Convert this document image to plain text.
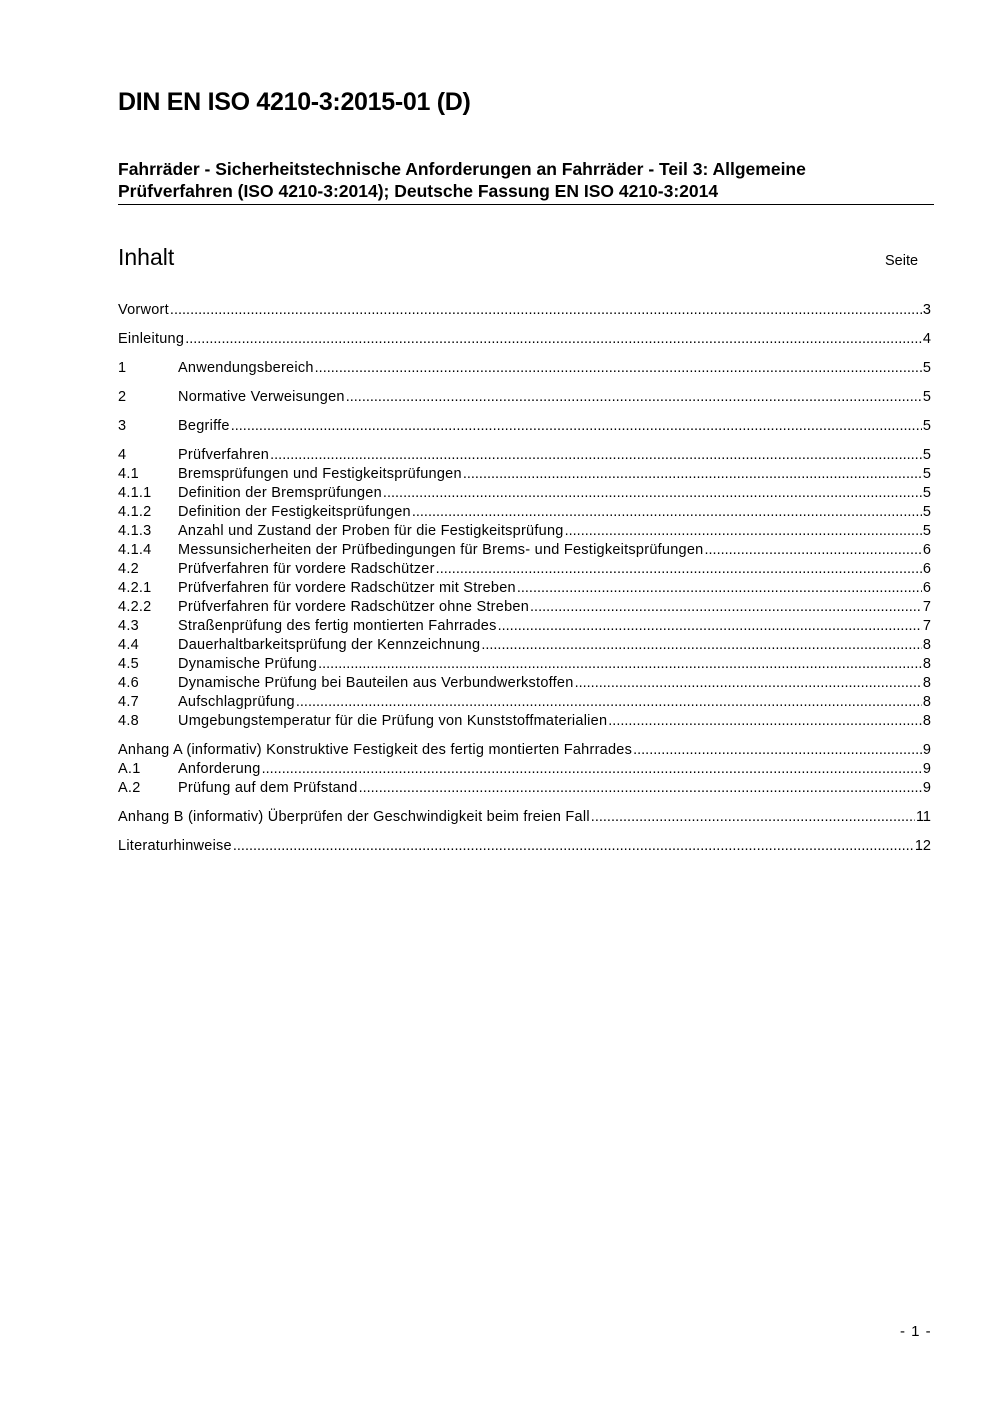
DIN EN ISO 4210-3:2015-01 (D)
Fahrräder - Sicherheitstechnische Anforderungen an Fahrräder - Teil 3: Allgemeine
Prüfverfahren (ISO 4210-3:2014); Deutsche Fassung EN ISO 4210-3:2014
Inhalt	Seite
Vorwort .....	3
Einleitung .....	4
1	Anwendungsbereich .....	5
2	Normative Verweisungen .....	5
3	Begriffe .....	5
4	Prüfverfahren .....	5
4.1	Bremsprüfungen und Festigkeitsprüfungen .....	5
4.1.1	Definition der Bremsprüfungen .....	5
4.1.2	Definition der Festigkeitsprüfungen .....	5
4.1.3	Anzahl und Zustand der Proben für die Festigkeitsprüfung .....	5
4.1.4	Messunsicherheiten der Prüfbedingungen für Brems- und Festigkeitsprüfungen .....	6
4.2	Prüfverfahren für vordere Radschützer .....	6
4.2.1	Prüfverfahren für vordere Radschützer mit Streben .....	6
4.2.2	Prüfverfahren für vordere Radschützer ohne Streben .....	7
4.3	Straßenprüfung des fertig montierten Fahrrades .....	7
4.4	Dauerhaltbarkeitsprüfung der Kennzeichnung .....	8
4.5	Dynamische Prüfung .....	8
4.6	Dynamische Prüfung bei Bauteilen aus Verbundwerkstoffen .....	8
4.7	Aufschlagprüfung .....	8
4.8	Umgebungstemperatur für die Prüfung von Kunststoffmaterialien .....	8
Anhang A (informativ) Konstruktive Festigkeit des fertig montierten Fahrrades .....	9
A.1	Anforderung .....	9
A.2	Prüfung auf dem Prüfstand .....	9
Anhang B (informativ) Überprüfen der Geschwindigkeit beim freien Fall .....	11
Literaturhinweise .....	12
- 1 -
